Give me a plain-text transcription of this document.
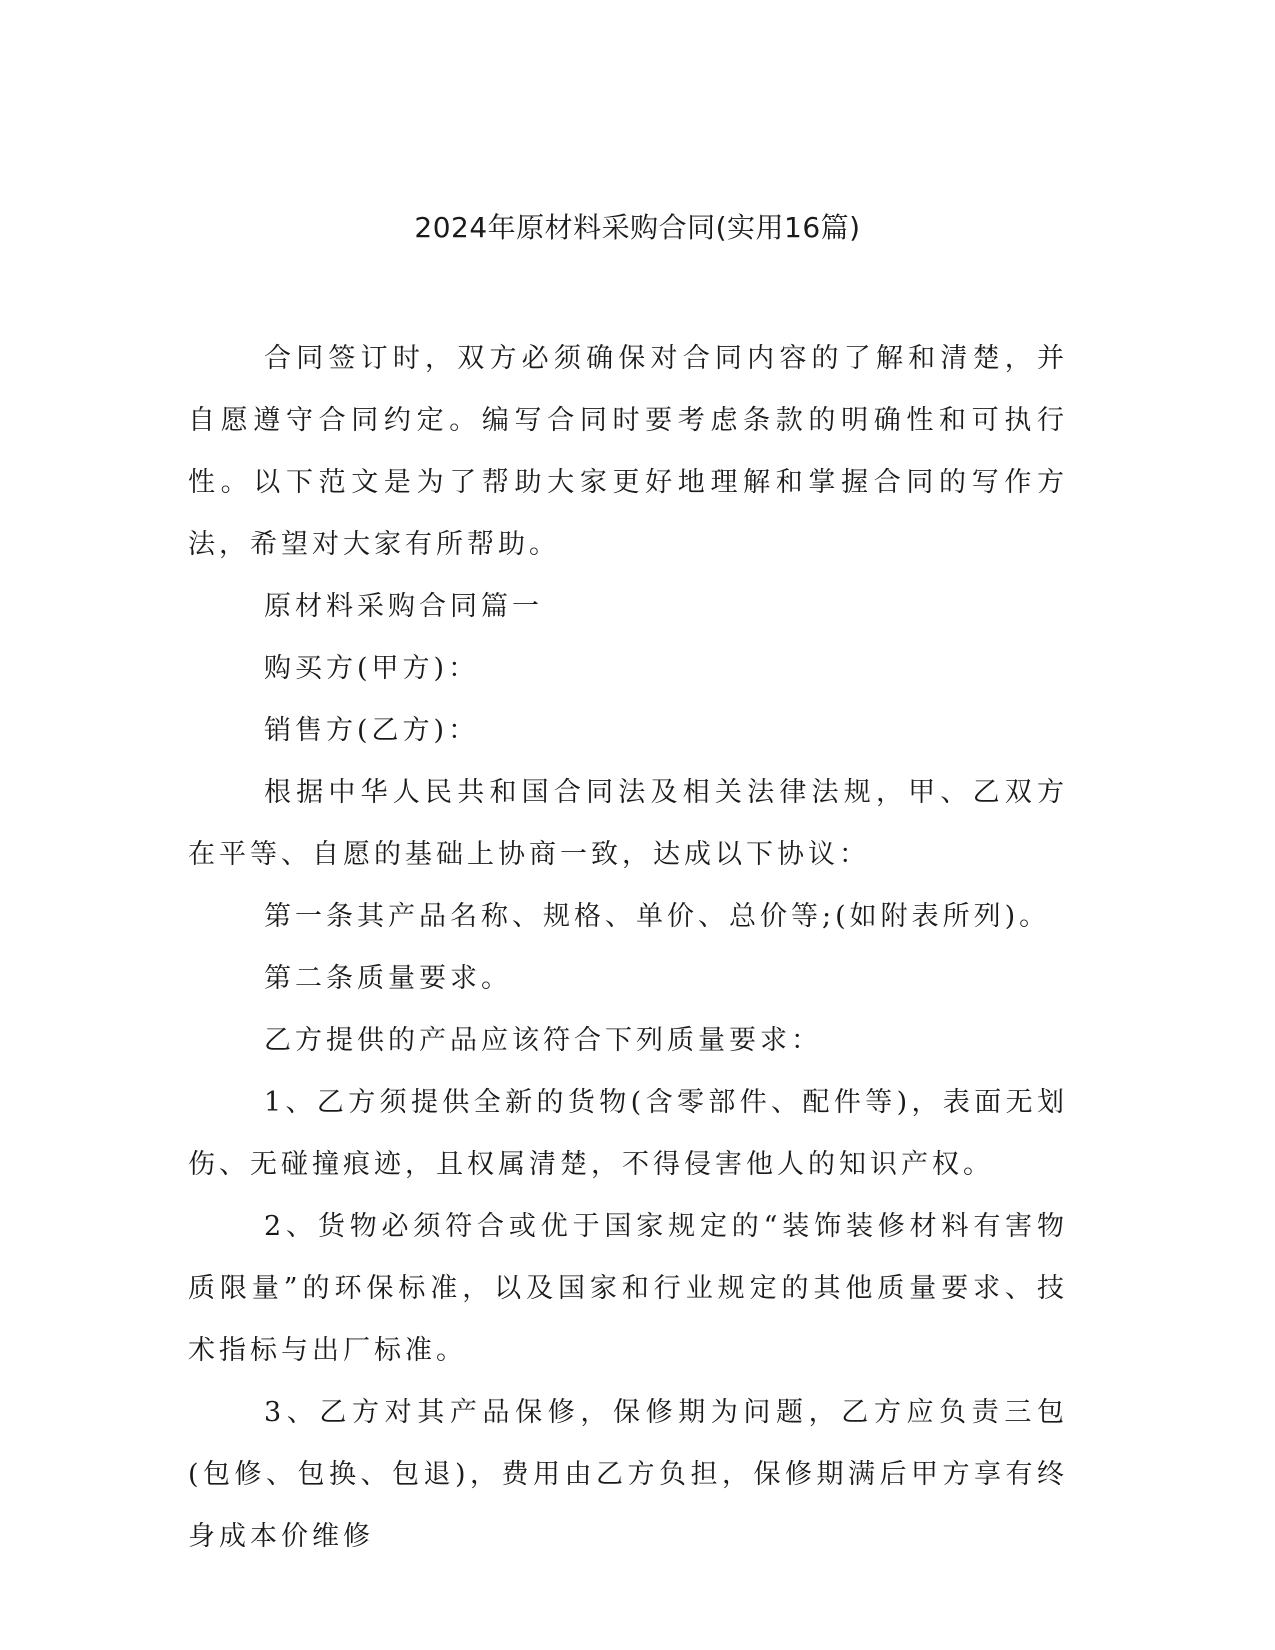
2024年原材料采购合同(实用16篇)

合同签订时，双方必须确保对合同内容的了解和清楚，并自愿遵守合同约定。编写合同时要考虑条款的明确性和可执行性。以下范文是为了帮助大家更好地理解和掌握合同的写作方法，希望对大家有所帮助。

原材料采购合同篇一

购买方(甲方)：

销售方(乙方)：

根据中华人民共和国合同法及相关法律法规，甲、乙双方在平等、自愿的基础上协商一致，达成以下协议：

第一条其产品名称、规格、单价、总价等;(如附表所列)。

第二条质量要求。

乙方提供的产品应该符合下列质量要求：

1、乙方须提供全新的货物(含零部件、配件等)，表面无划伤、无碰撞痕迹，且权属清楚，不得侵害他人的知识产权。

2、货物必须符合或优于国家规定的“装饰装修材料有害物质限量”的环保标准，以及国家和行业规定的其他质量要求、技术指标与出厂标准。

3、乙方对其产品保修，保修期为问题，乙方应负责三包(包修、包换、包退)，费用由乙方负担，保修期满后甲方享有终身成本价维修
